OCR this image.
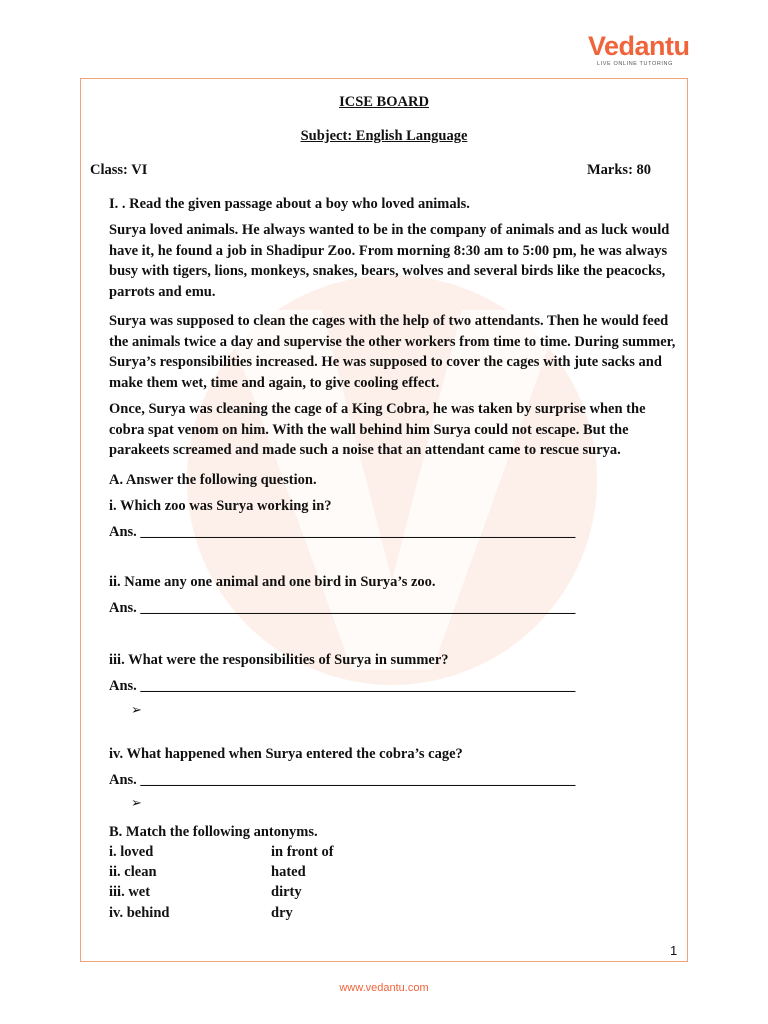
Vedantu
LIVE ONLINE TUTORING
ICSE BOARD
Subject: English Language
Class: VI	Marks: 80
I. . Read the given passage about a boy who loved animals.
Surya loved animals. He always wanted to be in the company of animals and as luck would have it, he found a job in Shadipur Zoo. From morning 8:30 am to 5:00 pm, he was always busy with tigers, lions, monkeys, snakes, bears, wolves and several birds like the peacocks, parrots and emu.
Surya was supposed to clean the cages with the help of two attendants. Then he would feed the animals twice a day and supervise the other workers from time to time. During summer, Surya’s responsibilities increased. He was supposed to cover the cages with jute sacks and make them wet, time and again, to give cooling effect.
Once, Surya was cleaning the cage of a King Cobra, he was taken by surprise when the cobra spat venom on him. With the wall behind him Surya could not escape. But the parakeets screamed and made such a noise that an attendant came to rescue surya.
A. Answer the following question.
i. Which zoo was Surya working in?
Ans. ____________________________________________________________
ii. Name any one animal and one bird in Surya’s zoo.
Ans. ____________________________________________________________
iii. What were the responsibilities of Surya in summer?
Ans. ____________________________________________________________
➢
iv. What happened when Surya entered the cobra’s cage?
Ans. ____________________________________________________________
➢
B. Match the following antonyms.
i. loved	in front of
ii. clean	hated
iii. wet	dirty
iv. behind	dry
1
www.vedantu.com
